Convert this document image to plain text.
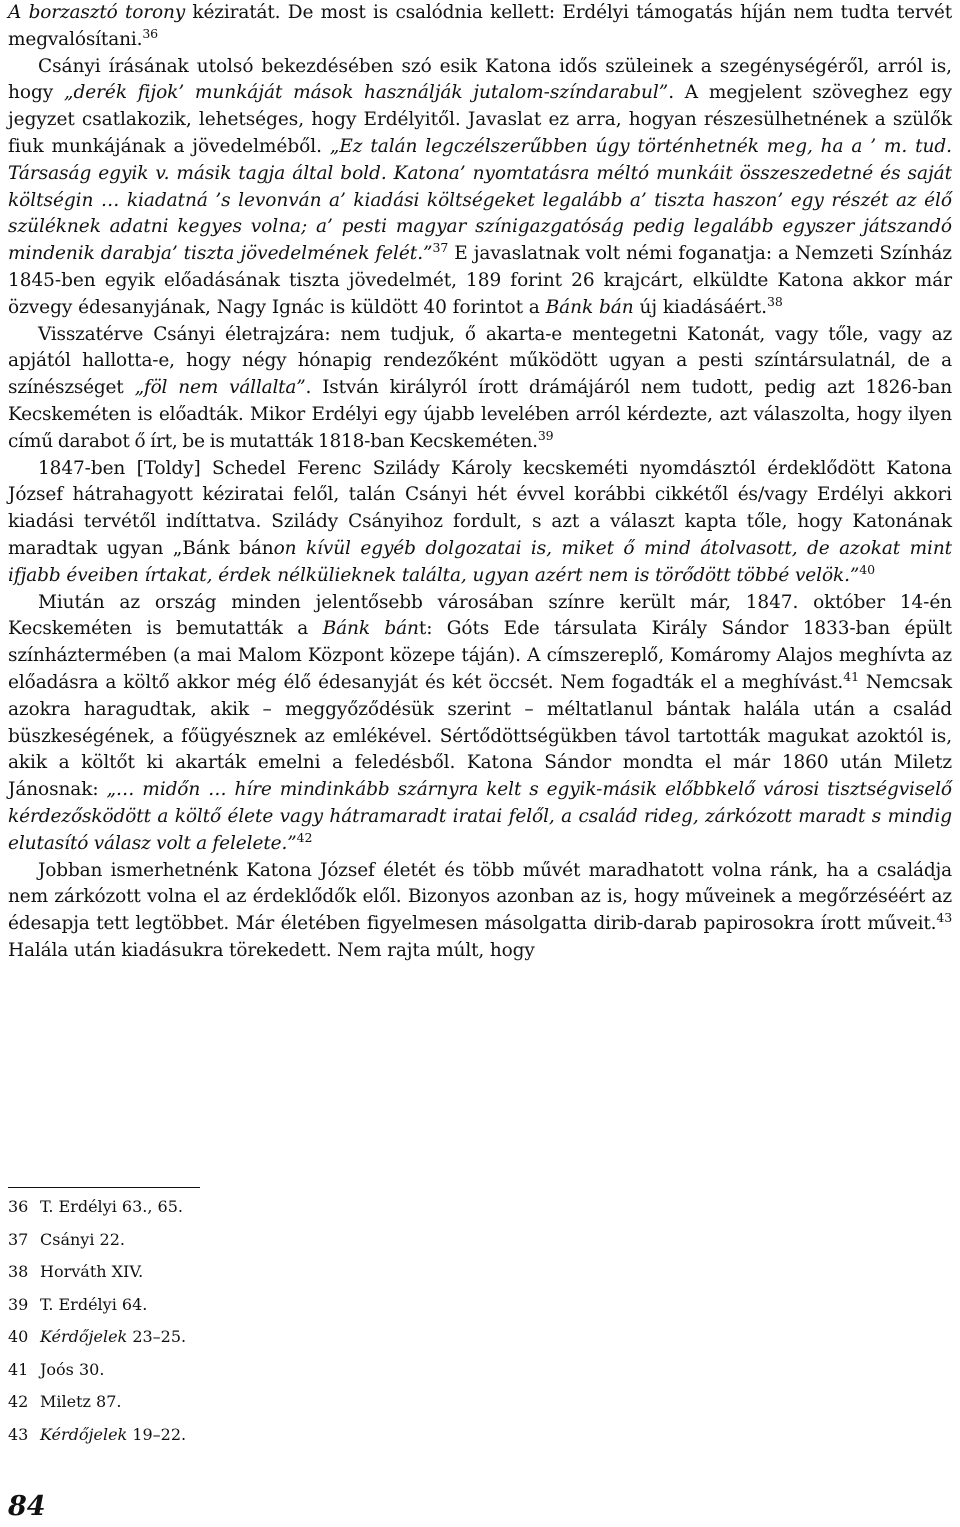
A borzasztó torony kéziratát. De most is csalódnia kellett: Erdélyi támogatás híján nem tudta tervét megvalósítani.$^{36}$

Csányi írásának utolsó bekezdésében szó esik Katona idős szüleinek a szegénységéről, arról is, hogy „derék fijok’ munkáját mások használják jutalom-színdarabul”. A megjelent szöveghez egy jegyzet csatlakozik, lehetséges, hogy Erdélyitől. Javaslat ez arra, hogyan részesülhetnének a szülők fiuk munkájának a jövedelméből. „Ez talán legczélszerűbben úgy történhetnék meg, ha a ’ m. tud. Társaság egyik v. másik tagja által bold. Katona’ nyomtatásra méltó munkáit összeszedetné és saját költségin … kiadatná ’s levonván a’ kiadási költségeket legalább a’ tiszta haszon’ egy részét az élő szüléknek adatni kegyes volna; a’ pesti magyar színigazgatóság pedig legalább egyszer játszandó mindenik darabja’ tiszta jövedelmének felét.”$^{37}$ E javaslatnak volt némi foganatja: a Nemzeti Színház 1845-ben egyik előadásának tiszta jövedelmét, 189 forint 26 krajcárt, elküldte Katona akkor már özvegy édesanyjának, Nagy Ignác is küldött 40 forintot a Bánk bán új kiadásáért.$^{38}$

Visszatérve Csányi életrajzára: nem tudjuk, ő akarta-e mentegetni Katonát, vagy tőle, vagy az apjától hallotta-e, hogy négy hónapig rendezőként működött ugyan a pesti színtársulatnál, de a színészséget „föl nem vállalta”. István királyról írott drámájáról nem tudott, pedig azt 1826-ban Kecskeméten is előadták. Mikor Erdélyi egy újabb levelében arról kérdezte, azt válaszolta, hogy ilyen című darabot ő írt, be is mutatták 1818-ban Kecskeméten.$^{39}$

1847-ben [Toldy] Schedel Ferenc Szilády Károly kecskeméti nyomdásztól érdeklődött Katona József hátrahagyott kéziratai felől, talán Csányi hét évvel korábbi cikkétől és/vagy Erdélyi akkori kiadási tervétől indíttatva. Szilády Csányihoz fordult, s azt a választ kapta tőle, hogy Katonának maradtak ugyan „Bánk bánon kívül egyéb dolgozatai is, miket ő mind átolvasott, de azokat mint ifjabb éveiben írtakat, érdek nélkülieknek találta, ugyan azért nem is törődött többé velök.”$^{40}$

Miután az ország minden jelentősebb városában színre került már, 1847. október 14-én Kecskeméten is bemutatták a Bánk bánt: Góts Ede társulata Király Sándor 1833-ban épült színháztermében (a mai Malom Központ közepe táján). A címszereplő, Komáromy Alajos meghívta az előadásra a költő akkor még élő édesanyját és két öccsét. Nem fogadták el a meghívást.$^{41}$ Nemcsak azokra haragudtak, akik – meggyőződésük szerint – méltatlanul bántak halála után a család büszkeségének, a főügyésznek az emlékével. Sértődöttségükben távol tartották magukat azoktól is, akik a költőt ki akarták emelni a feledésből. Katona Sándor mondta el már 1860 után Miletz Jánosnak: „… midőn … híre mindinkább szárnyra kelt s egyik-másik előbbkelő városi tisztségviselő kérdezősködött a költő élete vagy hátramaradt iratai felől, a család rideg, zárkózott maradt s mindig elutasító válasz volt a felelete.”$^{42}$

Jobban ismerhetnénk Katona József életét és több művét maradhatott volna ránk, ha a családja nem zárkózott volna el az érdeklődők elől. Bizonyos azonban az is, hogy műveinek a megőrzéséért az édesapja tett legtöbbet. Már életében figyelmesen másolgatta dirib-darab papirosokra írott műveit.$^{43}$ Halála után kiadásukra törekedett. Nem rajta múlt, hogy

36 T. Erdélyi 63., 65.
37 Csányi 22.
38 Horváth XIV.
39 T. Erdélyi 64.
40 Kérdőjelek 23–25.
41 Joós 30.
42 Miletz 87.
43 Kérdőjelek 19–22.
84
